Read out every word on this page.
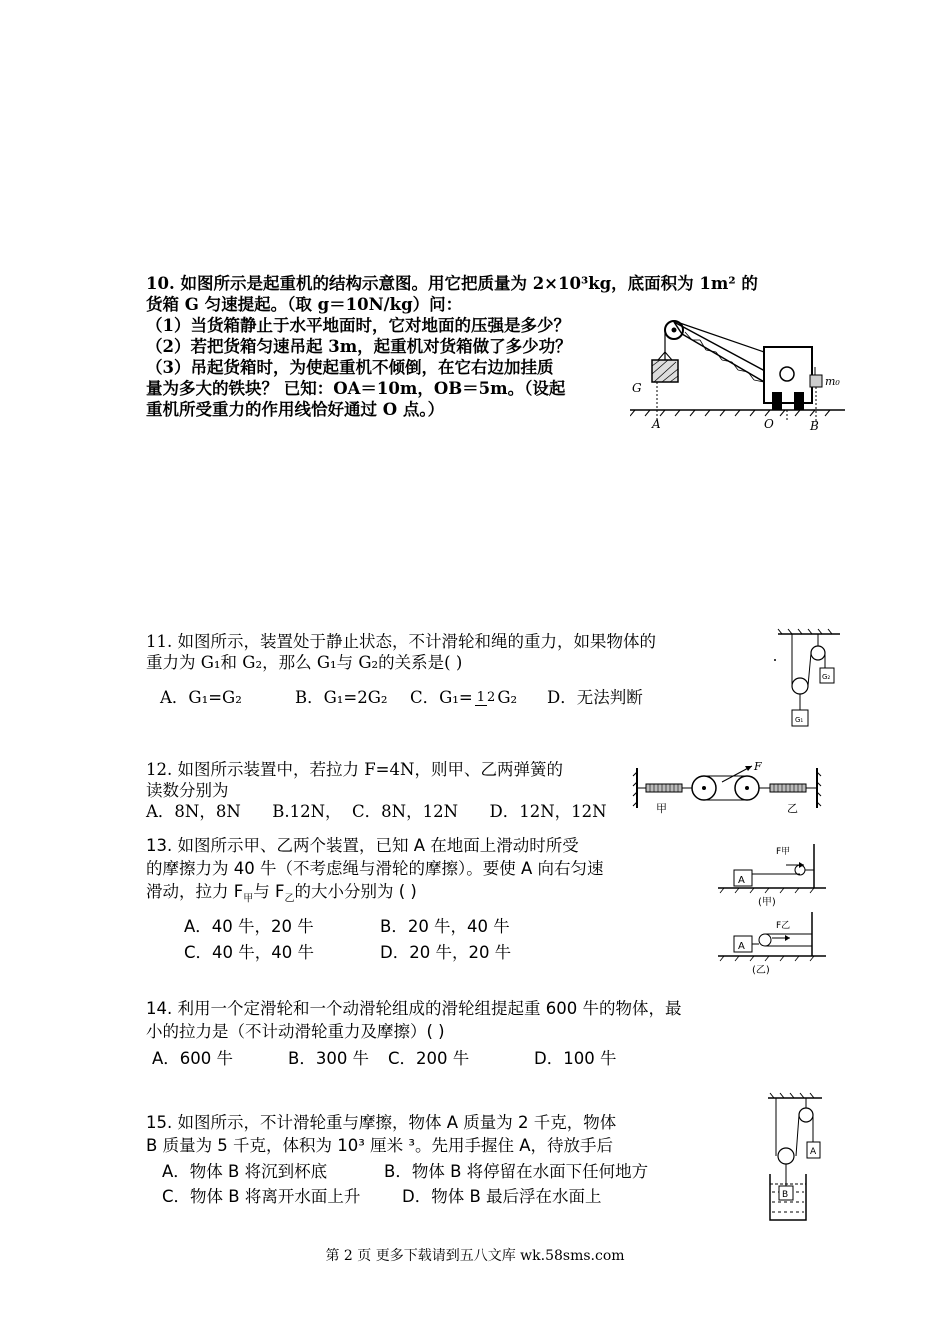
10. 如图所示是起重机的结构示意图。用它把质量为 2×10³kg，底面积为 1m² 的

货箱 G 匀速提起。（取 g＝10N/kg）问：

（1）当货箱静止于水平地面时，它对地面的压强是多少？

（2）若把货箱匀速吊起 3m，起重机对货箱做了多少功？

（3）吊起货箱时，为使起重机不倾倒，在它右边加挂质

量为多大的铁块？ 已知：OA＝10m，OB＝5m。（设起

重机所受重力的作用线恰好通过 O 点。）

G	m₀
A	O	B

11. 如图所示，装置处于静止状态，不计滑轮和绳的重力，如果物体的

重力为 G₁和 G₂，那么 G₁与 G₂的关系是( )

A．G₁=G₂	B．G₁=2G₂ C．G₁= 1 2 G₂ D．无法判断

G₂
G₁

12. 如图所示装置中，若拉力 F=4N，则甲、乙两弹簧的

读数分别为

A．8N，8N      B.12N，  C．8N，12N      D．12N，12N

F
甲	乙

13. 如图所示甲、乙两个装置，已知 A 在地面上滑动时所受

的摩擦力为 40 牛（不考虑绳与滑轮的摩擦）。要使 A 向右匀速

滑动，拉力 $F_甲$与 $F_乙$的大小分别为 ( )

A．40 牛，20 牛	B．20 牛，40 牛

C．40 牛，40 牛	D．20 牛，20 牛

A
F甲
(甲)
A
F乙
(乙)

14. 利用一个定滑轮和一个动滑轮组成的滑轮组提起重 600 牛的物体，最

小的拉力是（不计动滑轮重力及摩擦）( )

A．600 牛	B．300 牛 C．200 牛	D．100 牛

15. 如图所示，不计滑轮重与摩擦，物体 A 质量为 2 千克，物体

B 质量为 5 千克，体积为 10³ 厘米 ³。先用手握住 A，待放手后

A．物体 B 将沉到杯底	B．物体 B 将停留在水面下任何地方

C．物体 B 将离开水面上升	D．物体 B 最后浮在水面上

A
B
第 2 页 更多下载请到五八文库 wk.58sms.com
